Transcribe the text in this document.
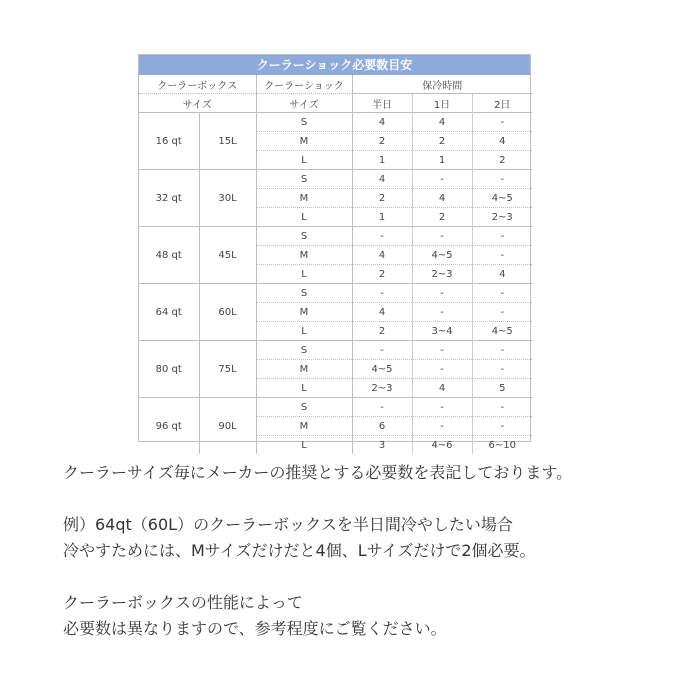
クーラーショック必要数目安
クーラーボックス		クーラーショック	保冷時間		
サイズ		サイズ	半日	1日	2日
16 qt	15L	S	4	4	-
		M	2	2	4
		L	1	1	2
32 qt	30L	S	4	-	-
		M	2	4	4~5
		L	1	2	2~3
48 qt	45L	S	-	-	-
		M	4	4~5	-
		L	2	2~3	4
64 qt	60L	S	-	-	-
		M	4	-	-
		L	2	3~4	4~5
80 qt	75L	S	-	-	-
		M	4~5	-	-
		L	2~3	4	5
96 qt	90L	S	-	-	-
		M	6	-	-
		L	3	4~6	6~10

クーラーサイズ毎にメーカーの推奨とする必要数を表記しております。

例）64qt（60L）のクーラーボックスを半日間冷やしたい場合

冷やすためには、Mサイズだけだと4個、Lサイズだけで2個必要。

クーラーボックスの性能によって

必要数は異なりますので、参考程度にご覧ください。
